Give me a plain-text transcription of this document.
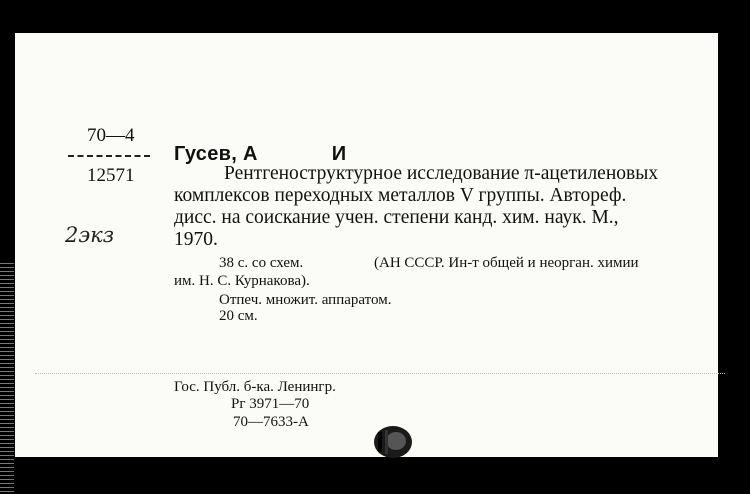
70—4
12571
2экз
Гусев, А	И
Рентгеноструктурное исследование π-ацетиленовых
комплексов переходных металлов V группы. Автореф.
дисс. на соискание учен. степени канд. хим. наук. М.,
1970.
38 с. со схем.	(АН СССР. Ин-т общей и неорган. химии
им. Н. С. Курнакова).
Отпеч. множит. аппаратом.
20 см.
Гос. Публ. б-ка. Ленингр.
Рг 3971—70
70—7633-А
